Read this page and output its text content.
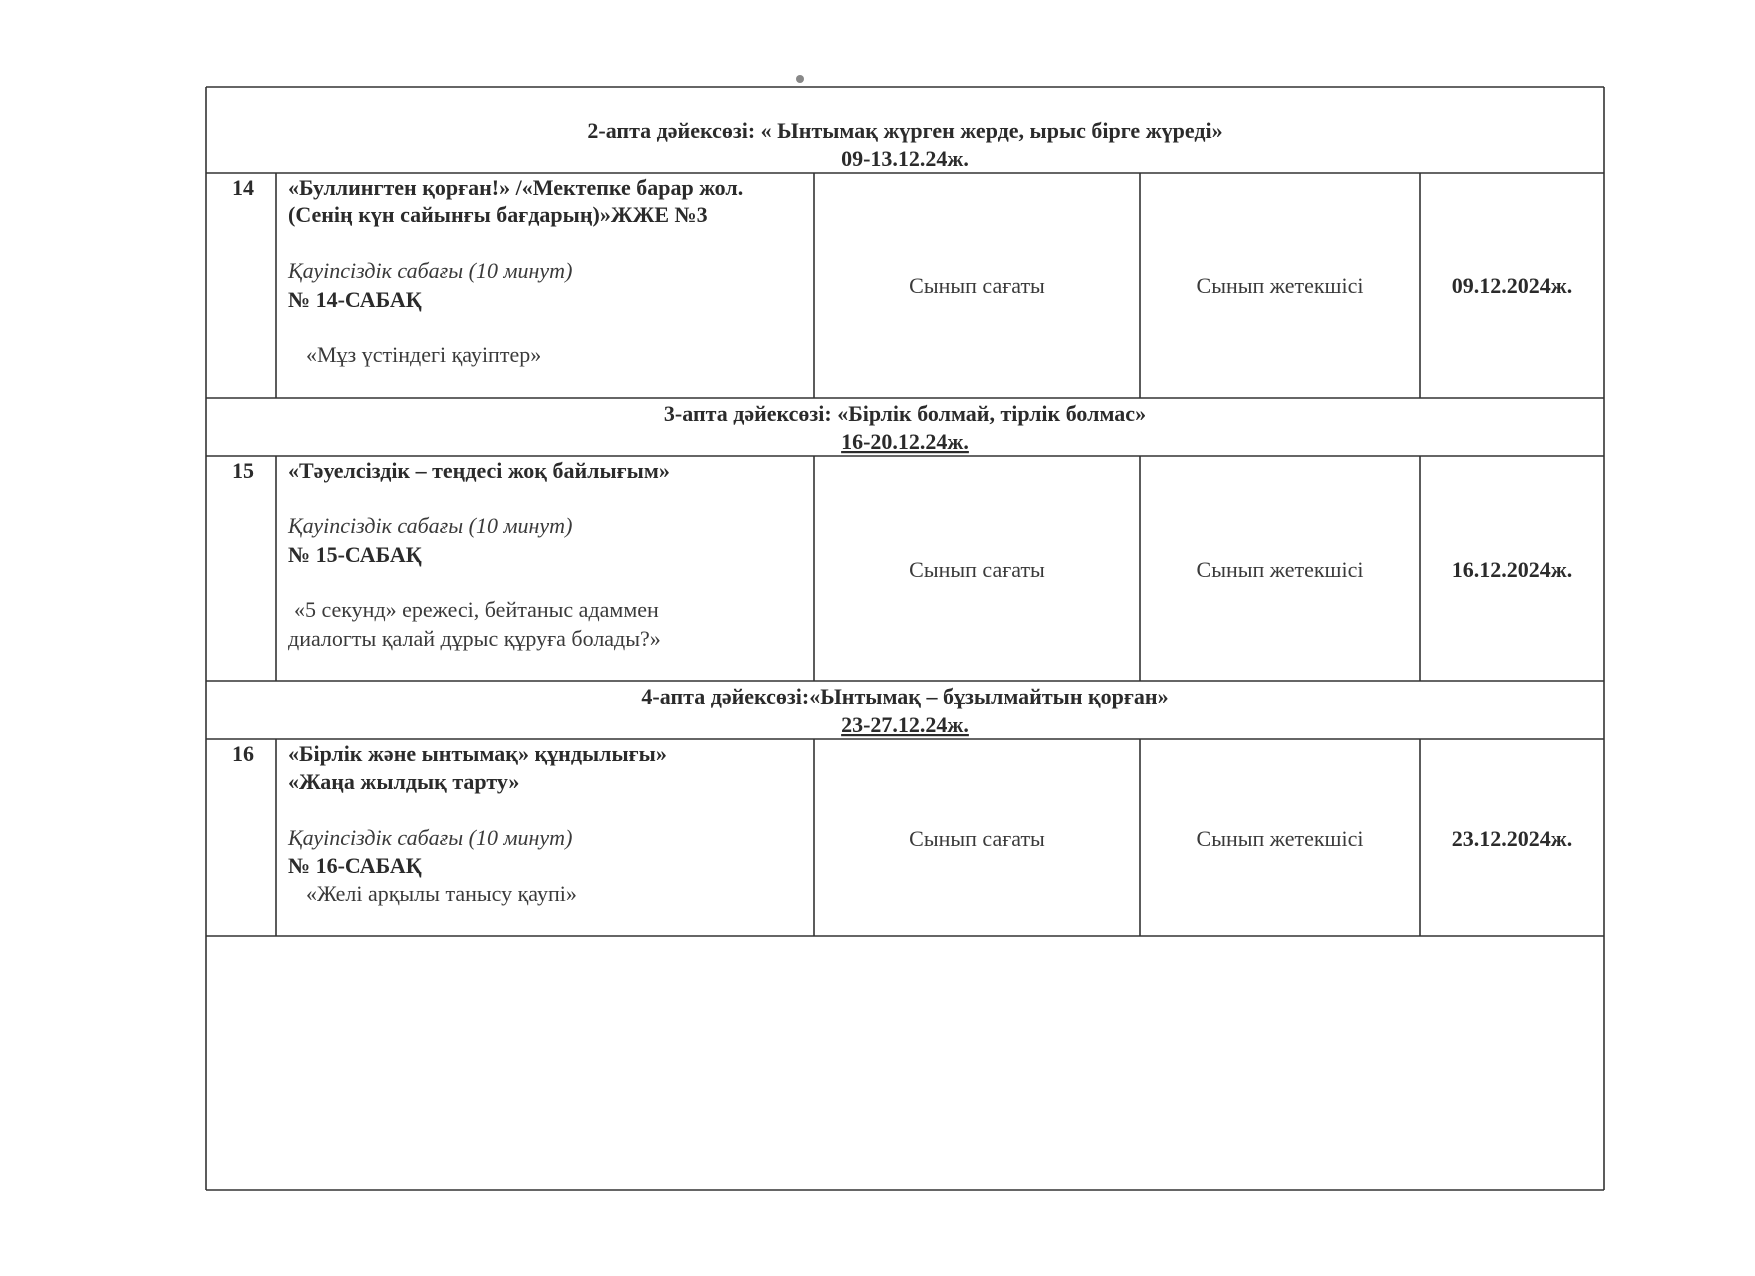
2-апта дәйексөзі: « Ынтымақ жүрген жерде, ырыс бірге жүреді»
09-13.12.24ж.
14 «Буллингтен қорған!» /«Мектепке барар жол.
(Сенің күн сайынғы бағдарың)»ЖЖЕ №3
Қауіпсіздік сабағы (10 минут)
№ 14-САБАҚ
«Мұз үстіндегі қауіптер»
Сынып сағаты	Сынып жетекшісі	09.12.2024ж.
3-апта дәйексөзі: «Бірлік болмай, тірлік болмас»
16-20.12.24ж.
15 «Тәуелсіздік – теңдесі жоқ байлығым»
Қауіпсіздік сабағы (10 минут)
№ 15-САБАҚ
«5 секунд» ережесі, бейтаныс адаммен
диалогты қалай дұрыс құруға болады?»
Сынып сағаты	Сынып жетекшісі	16.12.2024ж.
4-апта дәйексөзі:«Ынтымақ – бұзылмайтын қорған»
23-27.12.24ж.
16 «Бірлік және ынтымақ» құндылығы»
«Жаңа жылдық тарту»
Қауіпсіздік сабағы (10 минут)
№ 16-САБАҚ
«Желі арқылы танысу қаупі»
Сынып сағаты	Сынып жетекшісі	23.12.2024ж.
